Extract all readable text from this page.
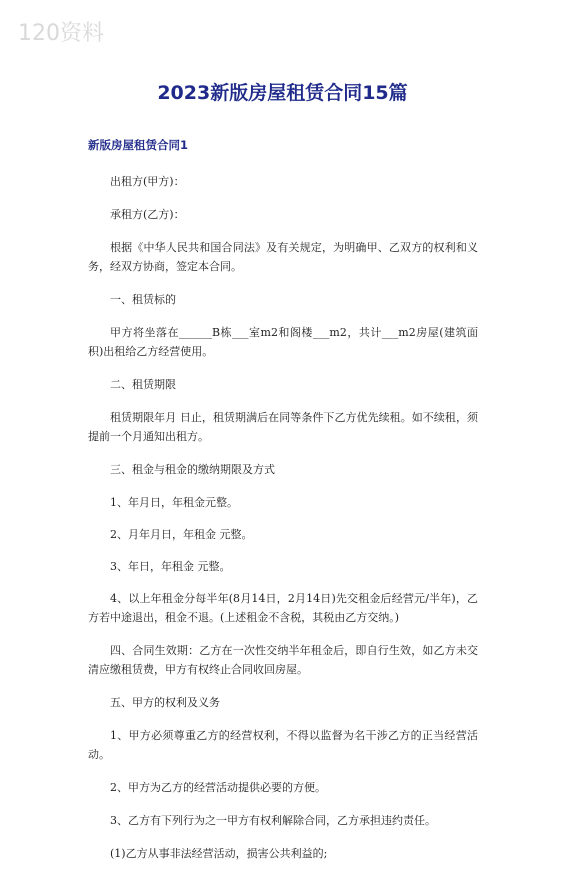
120资料
2023新版房屋租赁合同15篇
新版房屋租赁合同1

出租方(甲方)：

承租方(乙方)：

根据《中华人民共和国合同法》及有关规定，为明确甲、乙双方的权利和义务，经双方协商，签定本合同。

一、租赁标的

甲方将坐落在______B栋___室m2和阁楼___m2，共计___m2房屋(建筑面积)出租给乙方经营使用。

二、租赁期限

租赁期限年月 日止，租赁期满后在同等条件下乙方优先续租。如不续租，须提前一个月通知出租方。

三、租金与租金的缴纳期限及方式

1、年月日，年租金元整。

2、月年月日，年租金 元整。

3、年日，年租金 元整。

4、以上年租金分每半年(8月14日，2月14日)先交租金后经营元/半年)，乙方若中途退出，租金不退。(上述租金不含税，其税由乙方交纳。)

四、合同生效期：乙方在一次性交纳半年租金后，即自行生效，如乙方未交清应缴租赁费，甲方有权终止合同收回房屋。

五、甲方的权利及义务

1、甲方必须尊重乙方的经营权利，不得以监督为名干涉乙方的正当经营活动。

2、甲方为乙方的经营活动提供必要的方便。

3、乙方有下列行为之一甲方有权利解除合同，乙方承担违约责任。

(1)乙方从事非法经营活动，损害公共利益的;
